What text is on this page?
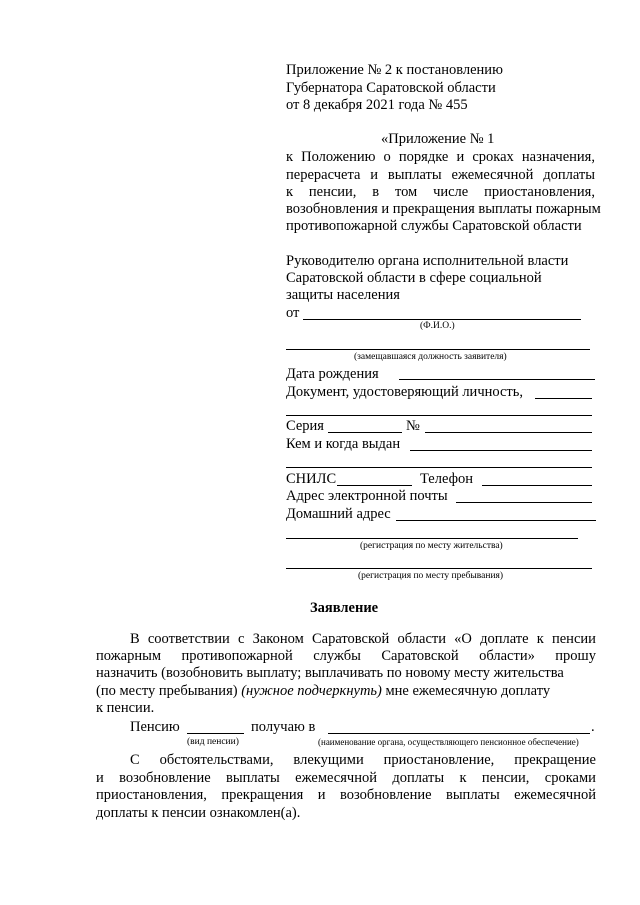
Приложение № 2 к постановлению
Губернатора Саратовской области
от 8 декабря 2021 года № 455
«Приложение № 1
к Положению о порядке и сроках назначения,
перерасчета и выплаты ежемесячной доплаты
к пенсии, в том числе приостановления,
возобновления и прекращения выплаты пожарным
противопожарной службы Саратовской области
Руководителю органа исполнительной власти
Саратовской области в сфере социальной
защиты населения
от
(Ф.И.О.)
(замещавшаяся должность заявителя)
Дата рождения
Документ, удостоверяющий личность,
Серия	№
Кем и когда выдан
СНИЛС	Телефон
Адрес электронной почты
Домашний адрес
(регистрация по месту жительства)
(регистрация по месту пребывания)
Заявление
В соответствии с Законом Саратовской области «О доплате к пенсии
пожарным противопожарной службы Саратовской области» прошу
назначить (возобновить выплату; выплачивать по новому месту жительства
(по месту пребывания) (нужное подчеркнуть) мне ежемесячную доплату
к пенсии.
Пенсию	получаю в	.
(вид пенсии)	(наименование органа, осуществляющего пенсионное обеспечение)
С обстоятельствами, влекущими приостановление, прекращение
и возобновление выплаты ежемесячной доплаты к пенсии, сроками
приостановления, прекращения и возобновление выплаты ежемесячной
доплаты к пенсии ознакомлен(а).
